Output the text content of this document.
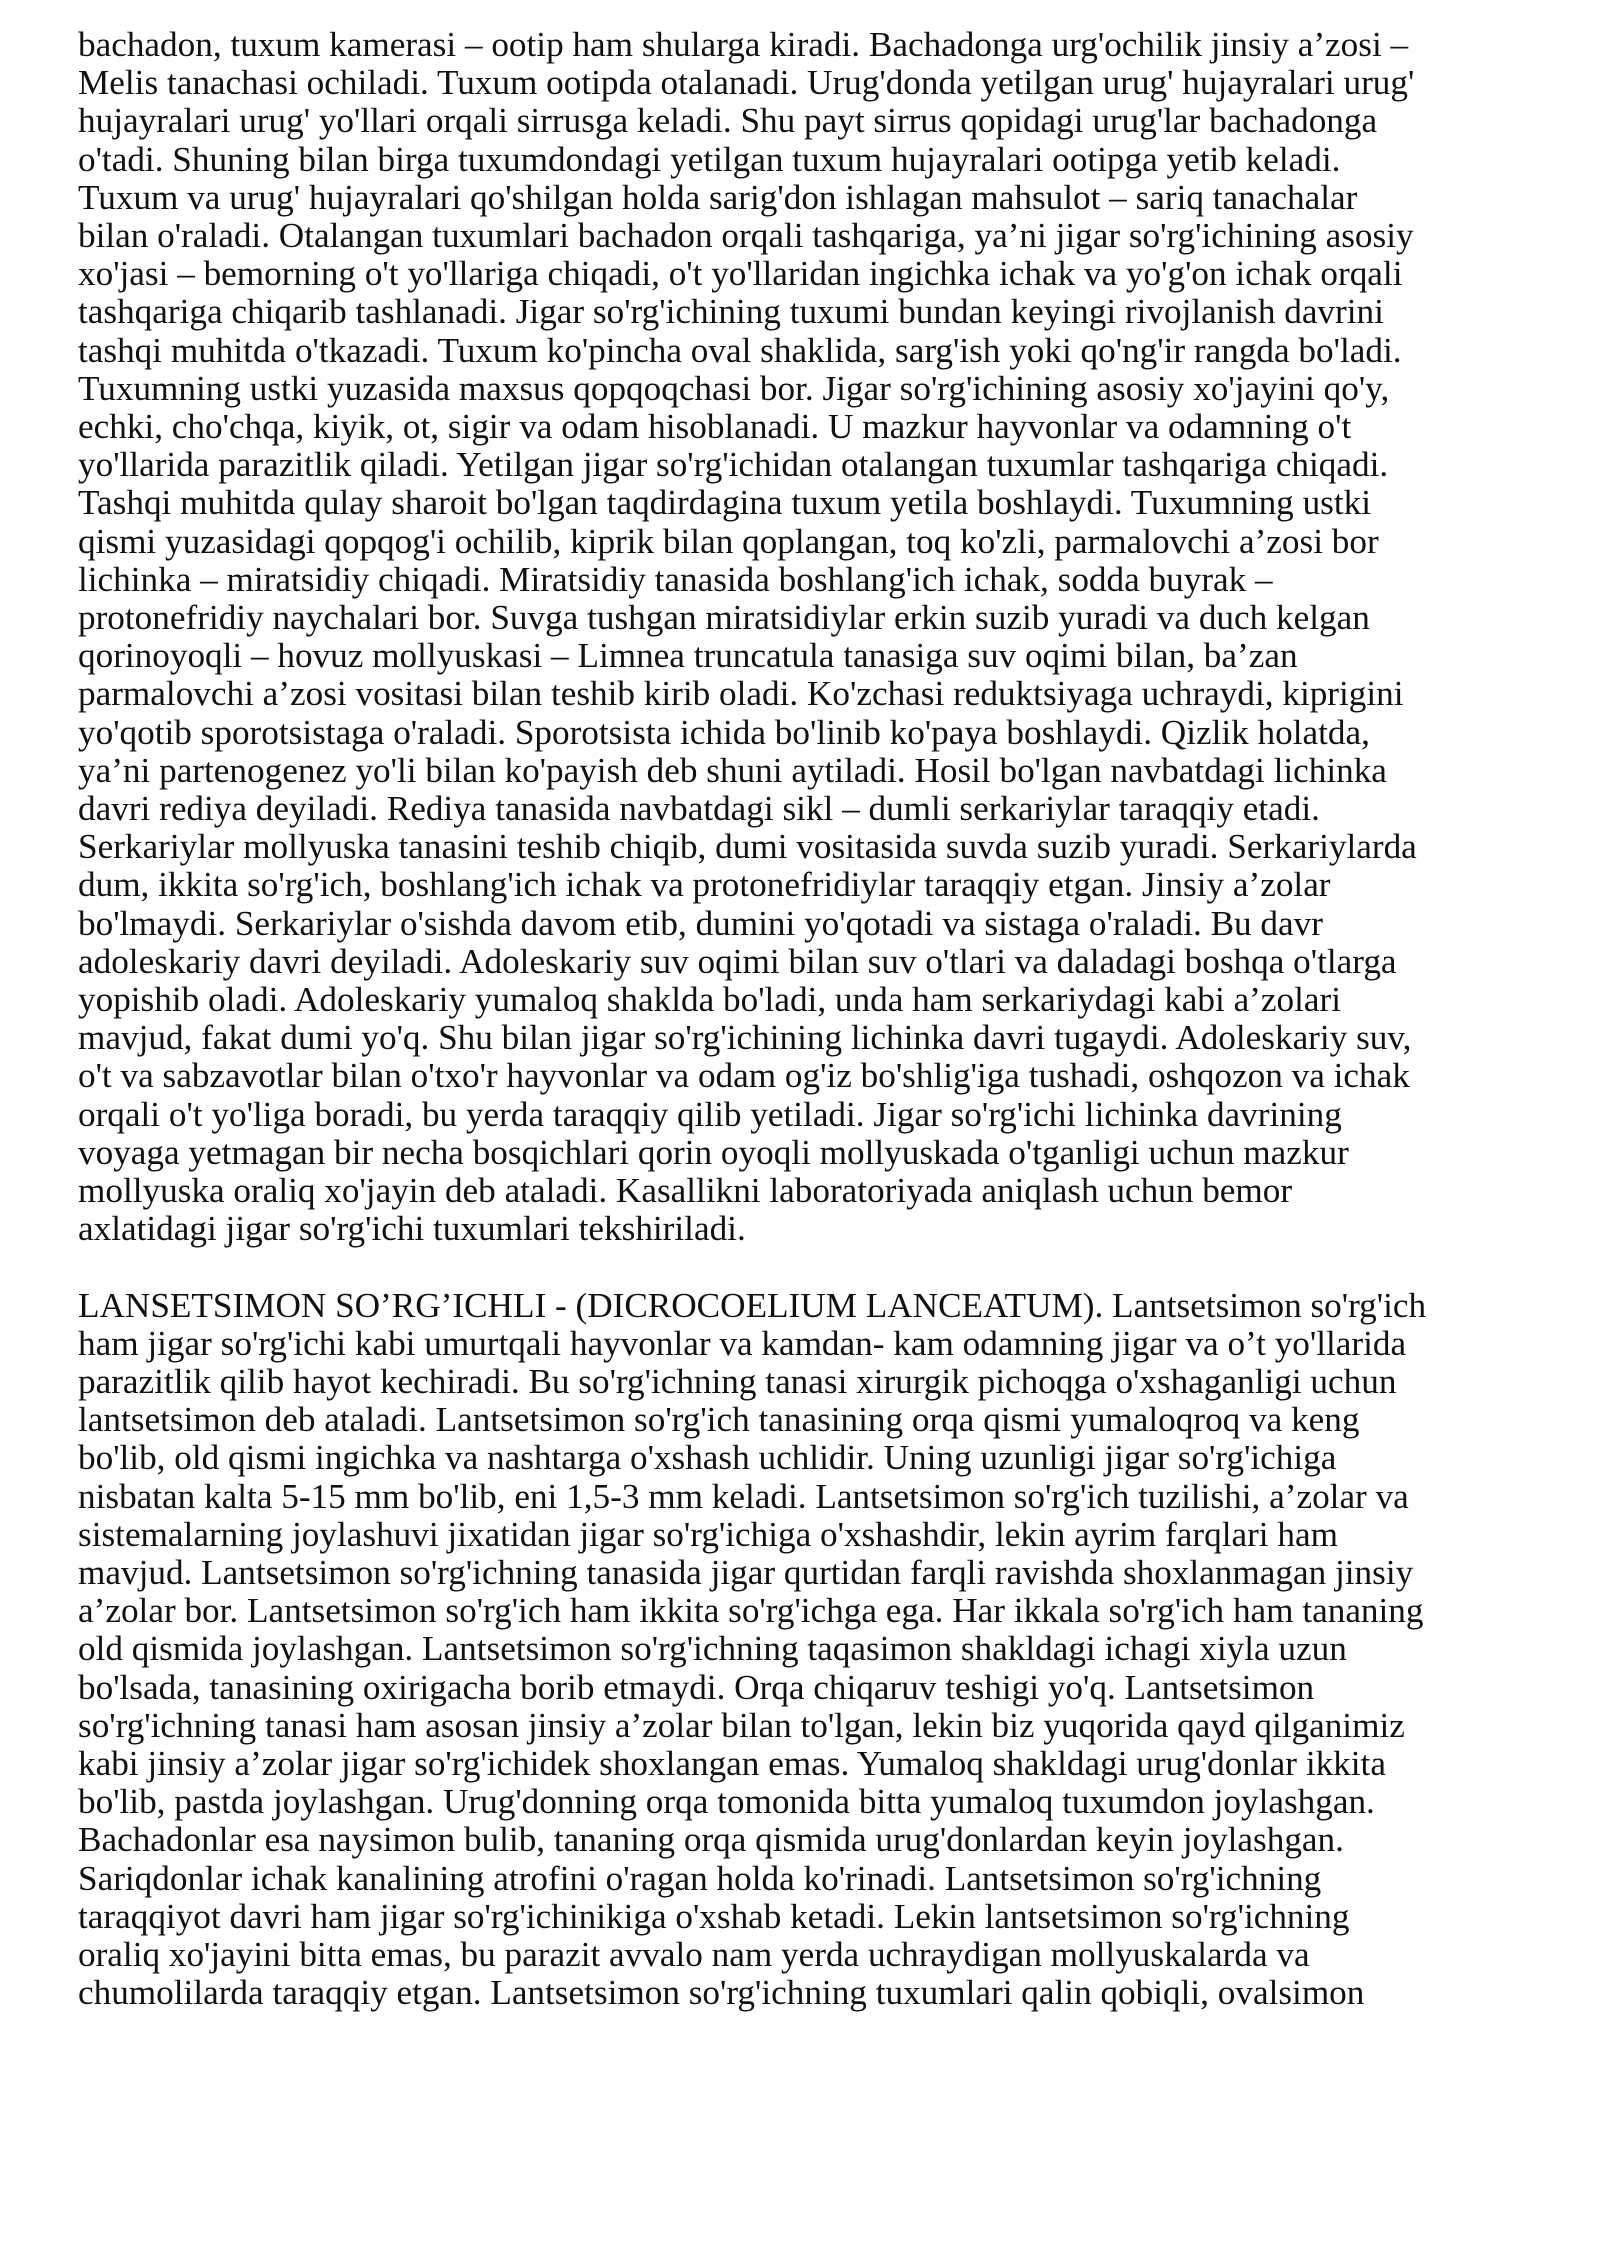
bachadon, tuxum kamerasi – ootip ham shularga kiradi. Bachadonga urg'ochilik jinsiy a’zosi –
Melis tanachasi ochiladi. Tuxum ootipda otalanadi. Urug'donda yetilgan urug' hujayralari urug'
hujayralari urug' yo'llari orqali sirrusga keladi. Shu payt sirrus qopidagi urug'lar bachadonga
o'tadi. Shuning bilan birga tuxumdondagi yetilgan tuxum hujayralari ootipga yetib keladi.
Tuxum va urug' hujayralari qo'shilgan holda sarig'don ishlagan mahsulot – sariq tanachalar
bilan o'raladi. Otalangan tuxumlari bachadon orqali tashqariga, ya’ni jigar so'rg'ichining asosiy
xo'jasi – bemorning o't yo'llariga chiqadi, o't yo'llaridan ingichka ichak va yo'g'on ichak orqali
tashqariga chiqarib tashlanadi. Jigar so'rg'ichining tuxumi bundan keyingi rivojlanish davrini
tashqi muhitda o'tkazadi. Tuxum ko'pincha oval shaklida, sarg'ish yoki qo'ng'ir rangda bo'ladi.
Tuxumning ustki yuzasida maxsus qopqoqchasi bor. Jigar so'rg'ichining asosiy xo'jayini qo'y,
echki, cho'chqa, kiyik, ot, sigir va odam hisoblanadi. U mazkur hayvonlar va odamning o't
yo'llarida parazitlik qiladi. Yetilgan jigar so'rg'ichidan otalangan tuxumlar tashqariga chiqadi.
Tashqi muhitda qulay sharoit bo'lgan taqdirdagina tuxum yetila boshlaydi. Tuxumning ustki
qismi yuzasidagi qopqog'i ochilib, kiprik bilan qoplangan, toq ko'zli, parmalovchi a’zosi bor
lichinka – miratsidiy chiqadi. Miratsidiy tanasida boshlang'ich ichak, sodda buyrak –
protonefridiy naychalari bor. Suvga tushgan miratsidiylar erkin suzib yuradi va duch kelgan
qorinoyoqli – hovuz mollyuskasi – Limnea truncatula tanasiga suv oqimi bilan, ba’zan
parmalovchi a’zosi vositasi bilan teshib kirib oladi. Ko'zchasi reduktsiyaga uchraydi, kiprigini
yo'qotib sporotsistaga o'raladi. Sporotsista ichida bo'linib ko'paya boshlaydi. Qizlik holatda,
ya’ni partenogenez yo'li bilan ko'payish deb shuni aytiladi. Hosil bo'lgan navbatdagi lichinka
davri rediya deyiladi. Rediya tanasida navbatdagi sikl – dumli serkariylar taraqqiy etadi.
Serkariylar mollyuska tanasini teshib chiqib, dumi vositasida suvda suzib yuradi. Serkariylarda
dum, ikkita so'rg'ich, boshlang'ich ichak va protonefridiylar taraqqiy etgan. Jinsiy a’zolar
bo'lmaydi. Serkariylar o'sishda davom etib, dumini yo'qotadi va sistaga o'raladi. Bu davr
adoleskariy davri deyiladi. Adoleskariy suv oqimi bilan suv o'tlari va daladagi boshqa o'tlarga
yopishib oladi. Adoleskariy yumaloq shakldа bo'ladi, unda ham serkariydagi kabi a’zolari
mavjud, fakat dumi yo'q. Shu bilan jigar so'rg'ichining lichinka davri tugaydi. Adoleskariy suv,
o't va sabzavotlar bilan o'txo'r hayvonlar va odam og'iz bo'shlig'iga tushadi, oshqozon va ichak
orqali o't yo'liga boradi, bu yerda taraqqiy qilib yetiladi. Jigar so'rg'ichi lichinka davrining
voyaga yetmagan bir necha bosqichlari qorin oyoqli mollyuskada o'tganligi uchun mazkur
mollyuska oraliq xo'jayin deb ataladi. Kasallikni laboratoriyada aniqlash uchun bemor
axlatidagi jigar so'rg'ichi tuxumlari tekshiriladi.
LANSETSIMON SO’RG’ICHLI - (DICROCOELIUM LANCEATUM). Lantsetsimon so'rg'ich
ham jigar so'rg'ichi kabi umurtqali hayvonlar va kamdan- kam odamning jigar va o’t yo'llarida
parazitlik qilib hayot kechiradi. Bu so'rg'ichning tanasi xirurgik pichoqga o'xshaganligi uchun
lantsetsimon deb ataladi. Lantsetsimon so'rg'ich tanasining orqa qismi yumaloqroq va keng
bo'lib, old qismi ingichka va nashtarga o'xshash uchlidir. Uning uzunligi jigar so'rg'ichiga
nisbatan kalta 5-15 mm bo'lib, eni 1,5-3 mm keladi. Lantsetsimon so'rg'ich tuzilishi, a’zolar va
sistemalarning joylashuvi jixatidan jigar so'rg'ichiga o'xshashdir, lekin ayrim farqlari ham
mavjud. Lantsetsimon so'rg'ichning tanasida jigar qurtidan farqli ravishda shoxlanmagan jinsiy
a’zolar bor. Lantsetsimon so'rg'ich ham ikkita so'rg'ichga ega. Har ikkala so'rg'ich ham tananing
old qismida joylashgan. Lantsetsimon so'rg'ichning taqasimon shakldagi ichagi xiyla uzun
bo'lsada, tanasining oxirigacha borib etmaydi. Orqa chiqaruv teshigi yo'q. Lantsetsimon
so'rg'ichning tanasi ham asosan jinsiy a’zolar bilan to'lgan, lekin biz yuqorida qayd qilganimiz
kabi jinsiy a’zolar jigar so'rg'ichidek shoxlangan emas. Yumaloq shakldagi urug'donlar ikkita
bo'lib, pastda joylashgan. Urug'donning orqa tomonida bitta yumaloq tuxumdon joylashgan.
Bachadonlar esa naysimon bulib, tananing orqa qismida urug'donlardan keyin joylashgan.
Sariqdonlar ichak kanalining atrofini o'ragan holda ko'rinadi. Lantsetsimon so'rg'ichning
taraqqiyot davri ham jigar so'rg'ichinikiga o'xshab ketadi. Lekin lantsetsimon so'rg'ichning
oraliq xo'jayini bitta emas, bu parazit avvalo nam yerda uchraydigan mollyuskalarda va
chumolilarda taraqqiy etgan. Lantsetsimon so'rg'ichning tuxumlari qalin qobiqli, ovalsimon
